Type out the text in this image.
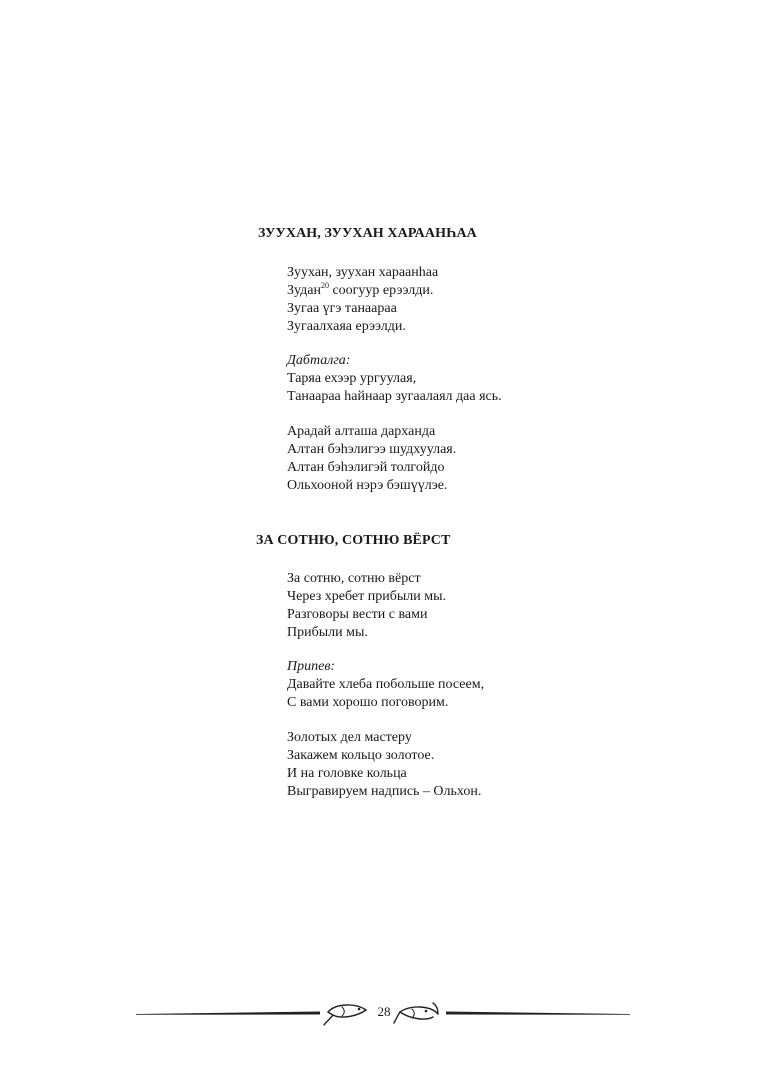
ЗУУХАН, ЗУУХАН ХАРААНҺАА

Зуухан, зуухан хараанһаа
Зудан$^{20}$ соогуур ерээлди.
Зугаа үгэ танаараа
Зугаалхаяа ерээлди.

Дабталга:
Таряа ехээр ургуулая,
Танаараа һайнаар зугаалаял даа ясь.

Арадай алташа дарханда
Алтан бэһэлигээ шудхуулая.
Алтан бэһэлигэй толгойдо
Ольхооной нэрэ бэшүүлэе.

ЗА СОТНЮ, СОТНЮ ВЁРСТ

За сотню, сотню вёрст
Через хребет прибыли мы.
Разговоры вести с вами
Прибыли мы.

Припев:
Давайте хлеба побольше посеем,
С вами хорошо поговорим.

Золотых дел мастеру
Закажем кольцо золотое.
И на головке кольца
Выгравируем надпись – Ольхон.

28
